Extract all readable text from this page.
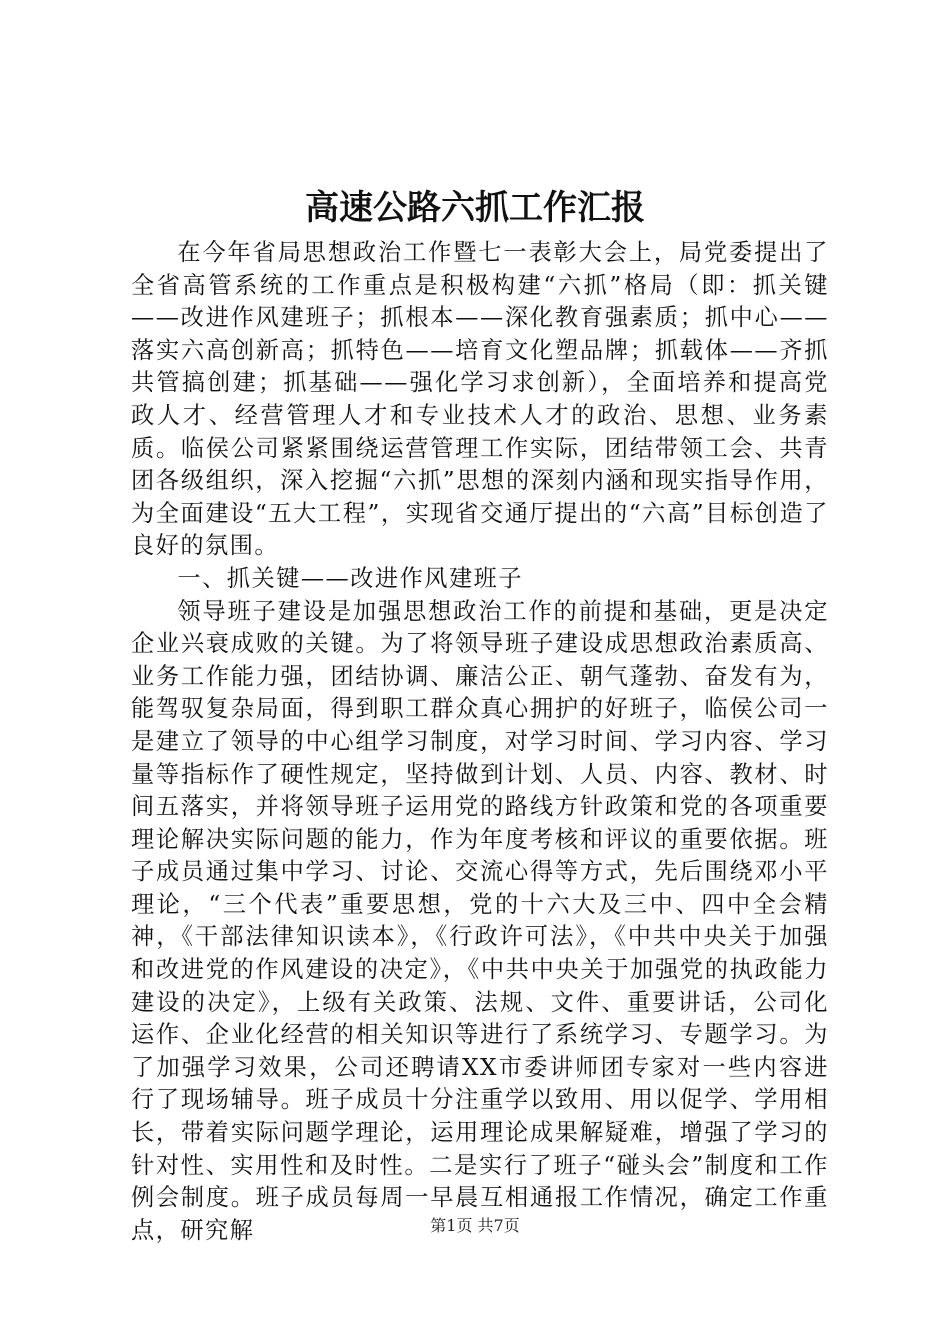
高速公路六抓工作汇报

在今年省局思想政治工作暨七一表彰大会上，局党委提出了全省高管系统的工作重点是积极构建“六抓”格局（即：抓关键——改进作风建班子；抓根本——深化教育强素质；抓中心——落实六高创新高；抓特色——培育文化塑品牌；抓载体——齐抓共管搞创建；抓基础——强化学习求创新），全面培养和提高党政人才、经营管理人才和专业技术人才的政治、思想、业务素质。临侯公司紧紧围绕运营管理工作实际，团结带领工会、共青团各级组织，深入挖掘“六抓”思想的深刻内涵和现实指导作用，为全面建设“五大工程”，实现省交通厅提出的“六高”目标创造了良好的氛围。

一、抓关键——改进作风建班子

领导班子建设是加强思想政治工作的前提和基础，更是决定企业兴衰成败的关键。为了将领导班子建设成思想政治素质高、业务工作能力强，团结协调、廉洁公正、朝气蓬勃、奋发有为，能驾驭复杂局面，得到职工群众真心拥护的好班子，临侯公司一是建立了领导的中心组学习制度，对学习时间、学习内容、学习量等指标作了硬性规定，坚持做到计划、人员、内容、教材、时间五落实，并将领导班子运用党的路线方针政策和党的各项重要理论解决实际问题的能力，作为年度考核和评议的重要依据。班子成员通过集中学习、讨论、交流心得等方式，先后围绕邓小平理论，“三个代表”重要思想，党的十六大及三中、四中全会精神，《干部法律知识读本》，《行政许可法》，《中共中央关于加强和改进党的作风建设的决定》，《中共中央关于加强党的执政能力建设的决定》，上级有关政策、法规、文件、重要讲话，公司化运作、企业化经营的相关知识等进行了系统学习、专题学习。为了加强学习效果，公司还聘请XX市委讲师团专家对一些内容进行了现场辅导。班子成员十分注重学以致用、用以促学、学用相长，带着实际问题学理论，运用理论成果解疑难，增强了学习的针对性、实用性和及时性。二是实行了班子“碰头会”制度和工作例会制度。班子成员每周一早晨互相通报工作情况，确定工作重点，研究解	第1页 共7页
